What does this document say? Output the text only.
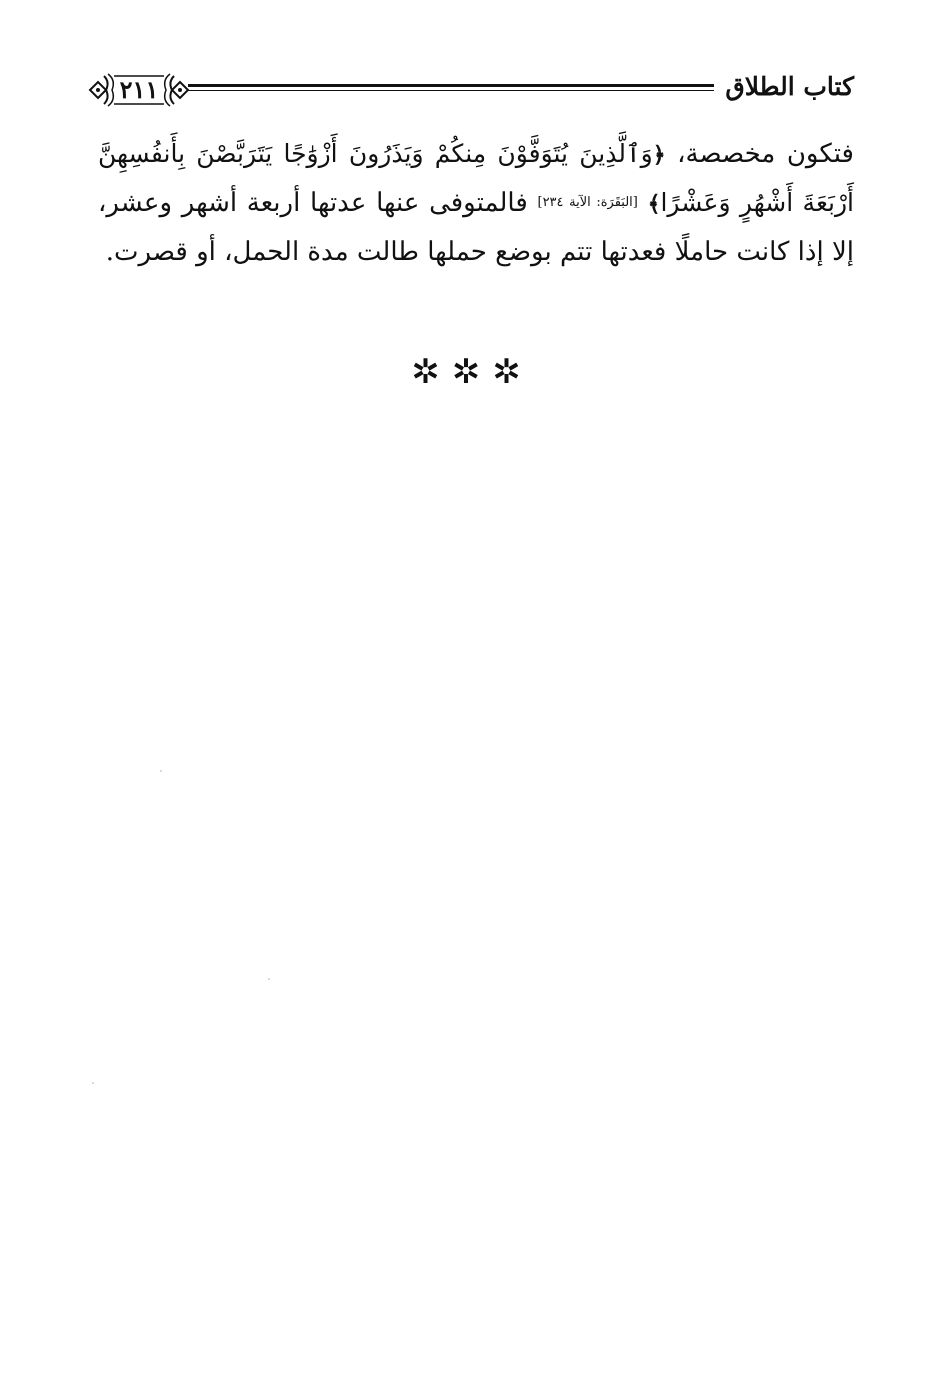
٢١١	كتاب الطلاق
فتكون مخصصة، ﴿وَٱلَّذِينَ يُتَوَفَّوْنَ مِنكُمْ وَيَذَرُونَ أَزْوَٰجًا يَتَرَبَّصْنَ بِأَنفُسِهِنَّ أَرْبَعَةَ أَشْهُرٍ وَعَشْرًا﴾ [البَقَرَة: الآية ٢٣٤] فالمتوفى عنها عدتها أربعة أشهر وعشر، إلا إذا كانت حاملًا فعدتها تتم بوضع حملها طالت مدة الحمل، أو قصرت.
✲✲✲
